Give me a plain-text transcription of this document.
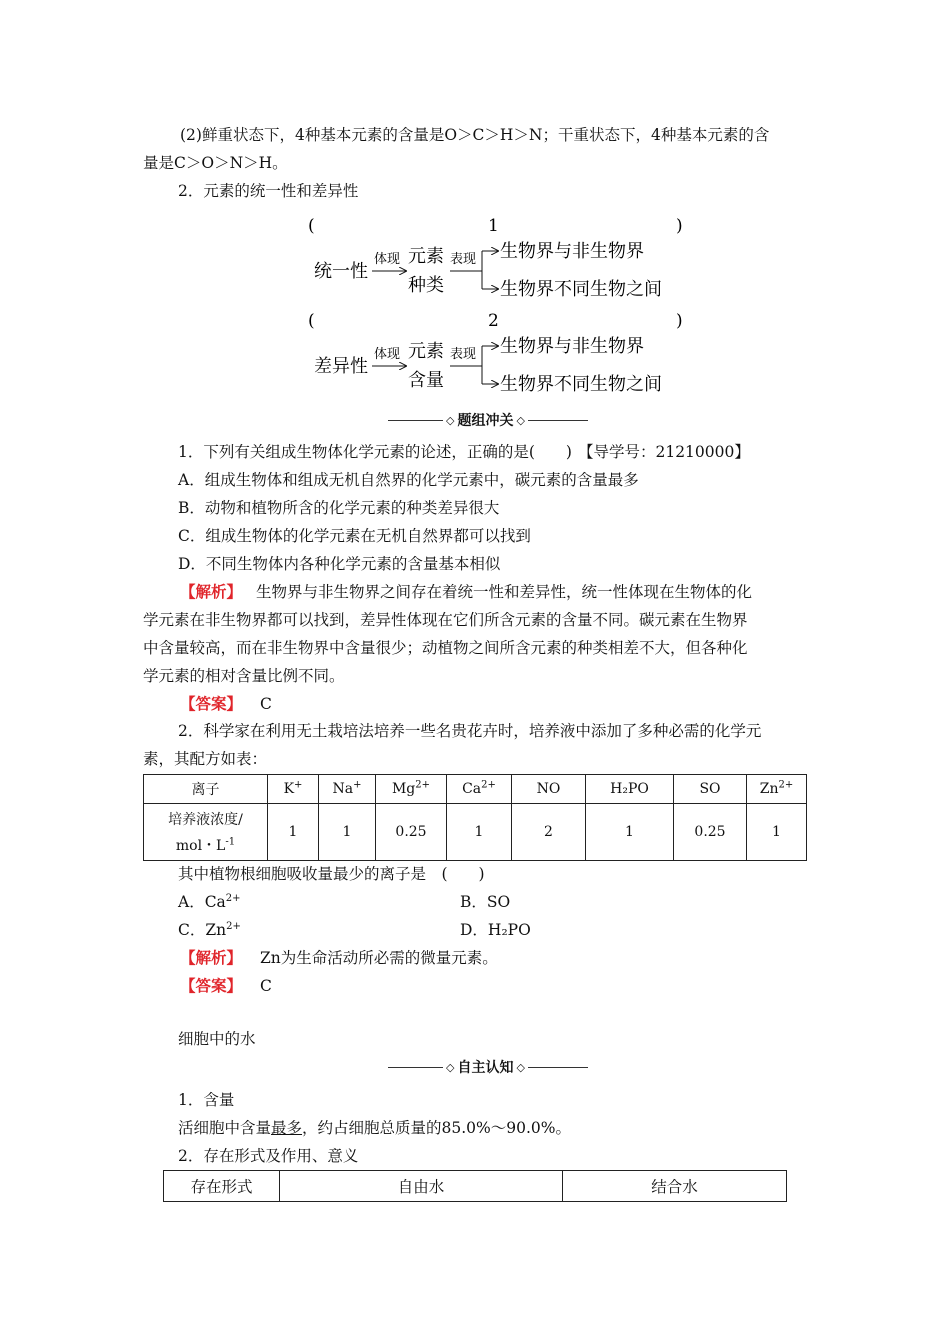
(2)鲜重状态下，4种基本元素的含量是O＞C＞H＞N；干重状态下，4种基本元素的含
量是C＞O＞N＞H。
2．元素的统一性和差异性
(	1	)
统一性
体现 元素
种类
表现 生物界与非生物界
生物界不同生物之间
(	2	)
差异性
体现 元素
含量
表现 生物界与非生物界
生物界不同生物之间
◇ 题组冲关 ◇
1．下列有关组成生物体化学元素的论述，正确的是(　　) 【导学号：21210000】
A．组成生物体和组成无机自然界的化学元素中，碳元素的含量最多
B．动物和植物所含的化学元素的种类差异很大
C．组成生物体的化学元素在无机自然界都可以找到
D．不同生物体内各种化学元素的含量基本相似
【解析】 生物界与非生物界之间存在着统一性和差异性，统一性体现在生物体的化
学元素在非生物界都可以找到，差异性体现在它们所含元素的含量不同。碳元素在生物界
中含量较高，而在非生物界中含量很少；动植物之间所含元素的种类相差不大，但各种化
学元素的相对含量比例不同。
【答案】 C
2．科学家在利用无土栽培法培养一些名贵花卉时，培养液中添加了多种必需的化学元
素，其配方如表：
离子	K+	Na+	$Mg^{2+}$	$Ca^{2+}$	NO	H₂PO	SO	$Zn^{2+}$

培养液浓度/
mol・$L^{-1}$	1	1	0.25	1	2	1	0.25	1
其中植物根细胞吸收量最少的离子是　(　　)
A．$Ca^{2+}$	B．SO
C．$Zn^{2+}$	D．H₂PO
【解析】 Zn为生命活动所必需的微量元素。
【答案】 C
细胞中的水
◇ 自主认知 ◇
1．含量
活细胞中含量最多，约占细胞总质量的85.0%～90.0%。
2．存在形式及作用、意义
存在形式	自由水	结合水
